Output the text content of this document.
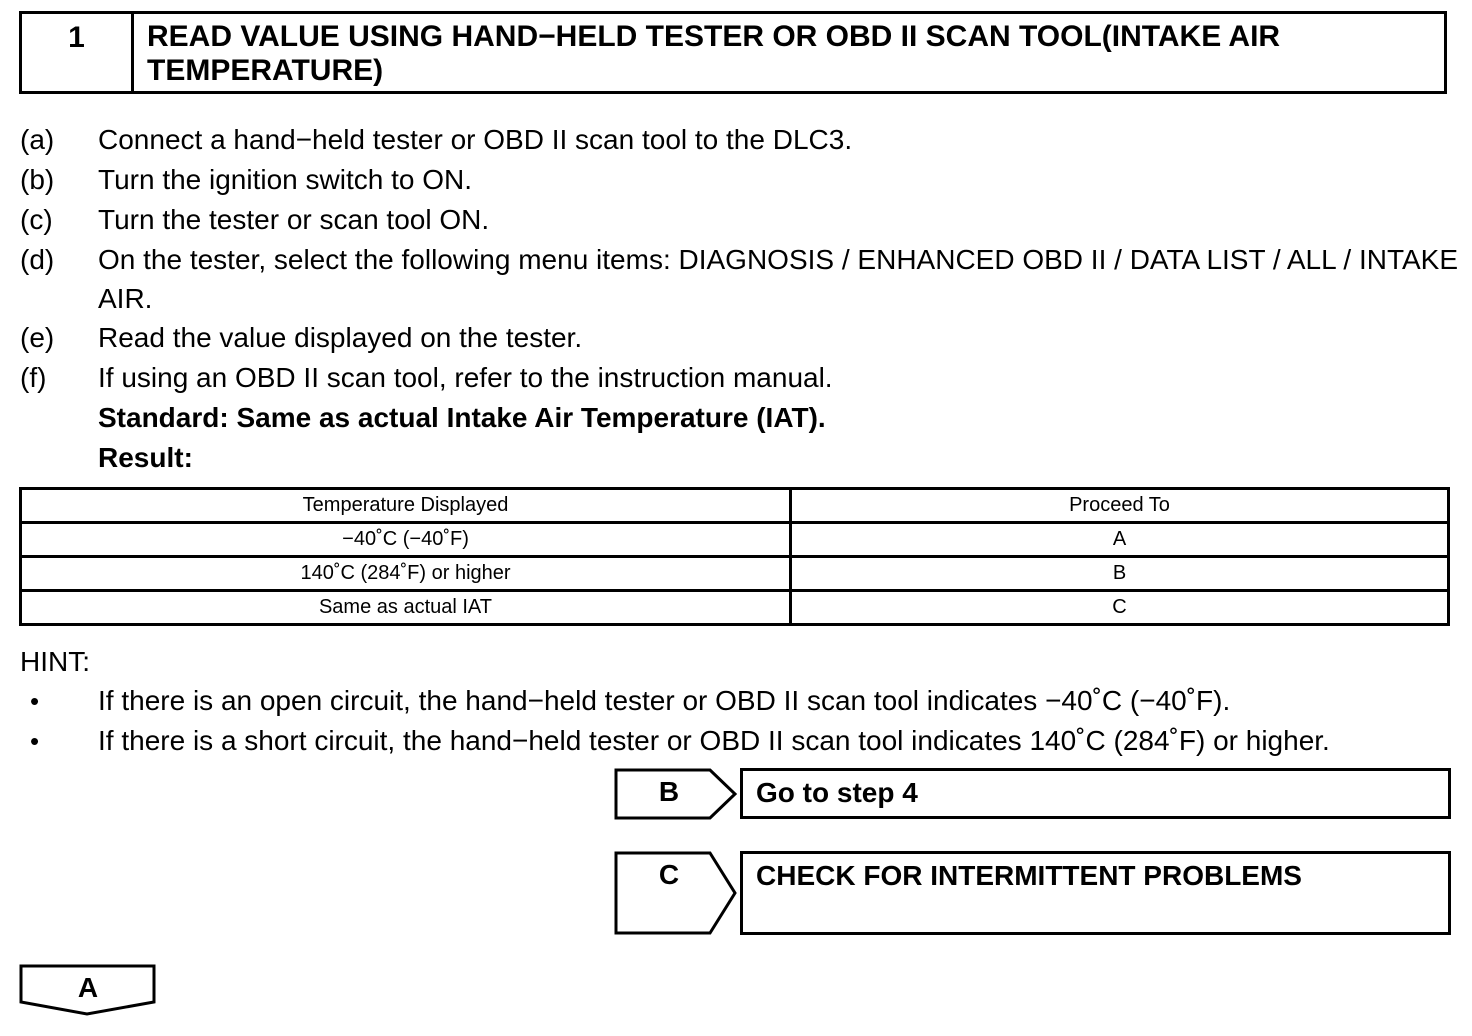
1	READ VALUE USING HAND−HELD TESTER OR OBD II SCAN TOOL(INTAKE AIR TEMPERATURE)
(a)	Connect a hand−held tester or OBD II scan tool to the DLC3.
(b)	Turn the ignition switch to ON.
(c)	Turn the tester or scan tool ON.
(d)	On the tester, select the following menu items: DIAGNOSIS / ENHANCED OBD II / DATA LIST / ALL / INTAKE AIR.
(e)	Read the value displayed on the tester.
(f)	If using an OBD II scan tool, refer to the instruction manual.
Standard: Same as actual Intake Air Temperature (IAT).
Result:
Temperature Displayed	Proceed To
−40˚C (−40˚F)	A
140˚C (284˚F) or higher	B
Same as actual IAT	C
HINT:
•	If there is an open circuit, the hand−held tester or OBD II scan tool indicates −40˚C (−40˚F).
•	If there is a short circuit, the hand−held tester or OBD II scan tool indicates 140˚C (284˚F) or higher.
B	Go to step 4
C	CHECK FOR INTERMITTENT PROBLEMS
A
